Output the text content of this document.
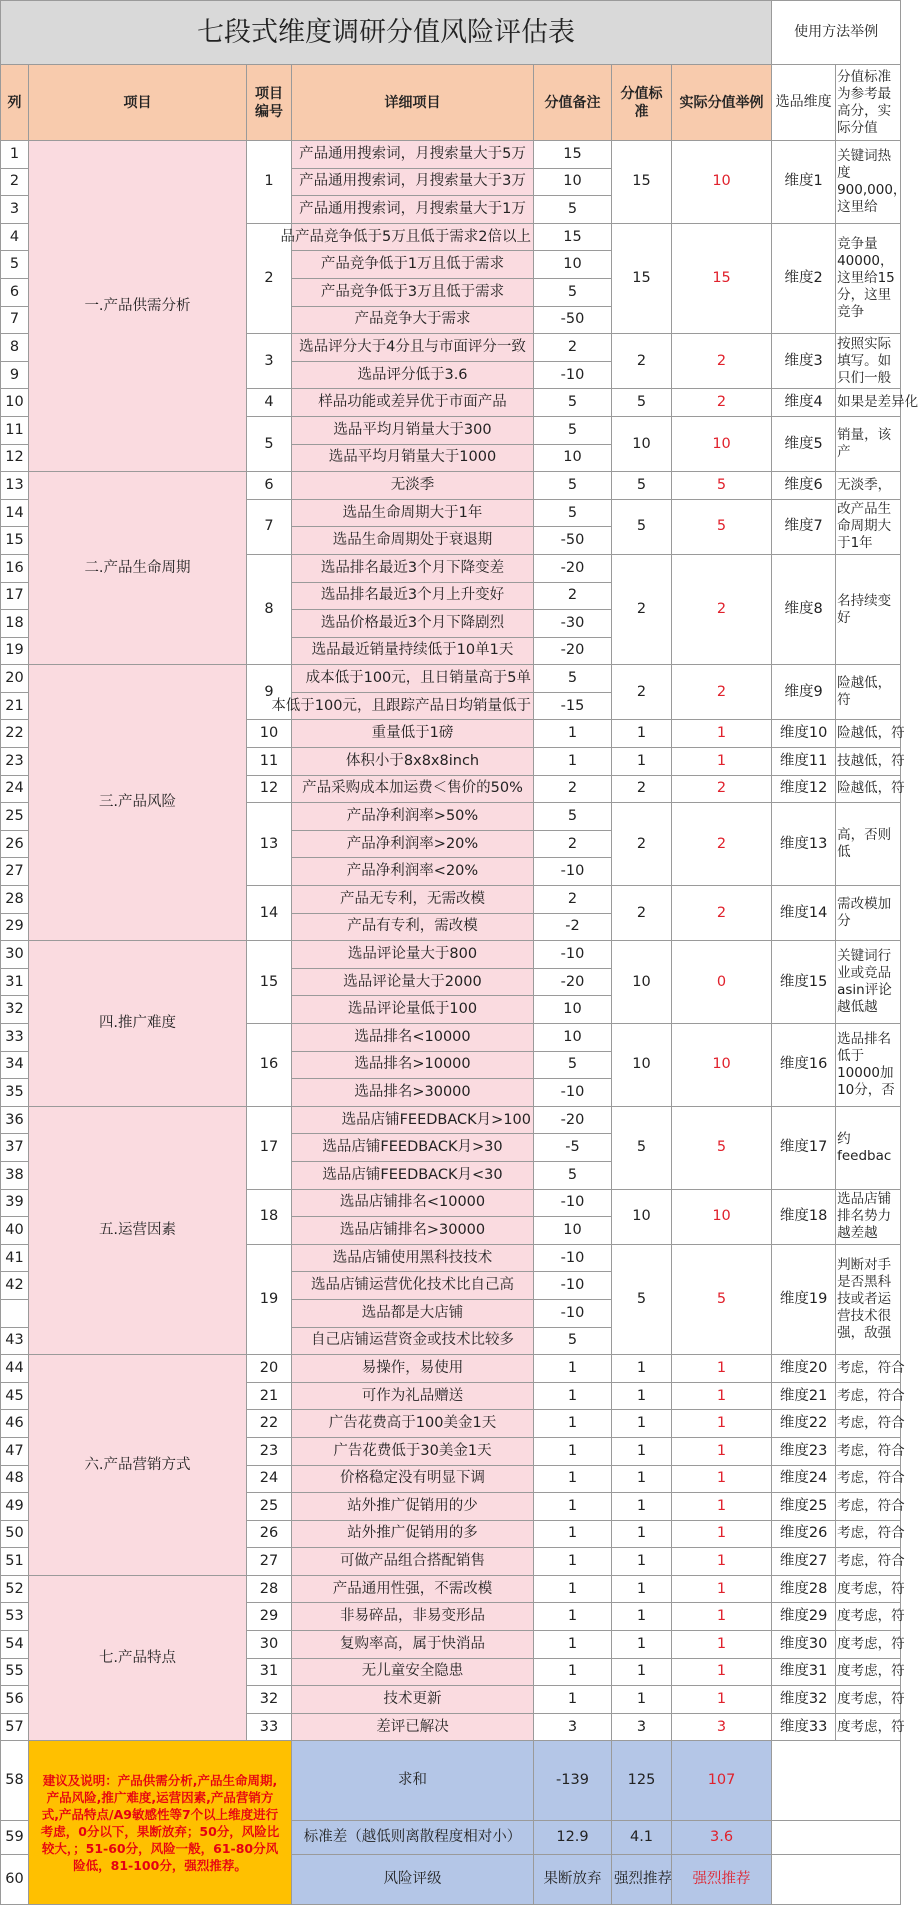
七段式维度调研分值风险评估表							使用方法举例	
列	项目	项目编号	详细项目	分值备注	分值标准	实际分值举例	选品维度	分值标准为参考最高分，实际分值
1	一.产品供需分析	1	产品通用搜索词，月搜索量大于5万	15	15	10	维度1	关键词热度900,000，这里给
2			产品通用搜索词，月搜索量大于3万	10				
3			产品通用搜索词，月搜索量大于1万	5				
4		2	品产品竞争低于5万且低于需求2倍以上	15	15	15	维度2	竞争量40000，这里给15分，这里竞争
5			产品竞争低于1万且低于需求	10				
6			产品竞争低于3万且低于需求	5				
7			产品竞争大于需求	-50				
8		3	选品评分大于4分且与市面评分一致	2	2	2	维度3	按照实际填写。如只们一般
9			选品评分低于3.6	-10				
10		4	样品功能或差异优于市面产品	5	5	2	维度4	如果是差异化
11		5	选品平均月销量大于300	5	10	10	维度5	销量，该产
12			选品平均月销量大于1000	10				
13	二.产品生命周期	6	无淡季	5	5	5	维度6	无淡季，
14		7	选品生命周期大于1年	5	5	5	维度7	改产品生命周期大于1年
15			选品生命周期处于衰退期	-50				
16		8	选品排名最近3个月下降变差	-20	2	2	维度8	名持续变好
17			选品排名最近3个月上升变好	2				
18			选品价格最近3个月下降剧烈	-30				
19			选品最近销量持续低于10单1天	-20				
20	三.产品风险	9	成本低于100元，且日销量高于5单	5	2	2	维度9	险越低，符
21			本低于100元，且跟踪产品日均销量低于	-15				
22		10	重量低于1磅	1	1	1	维度10	险越低，符
23		11	体积小于8x8x8inch	1	1	1	维度11	技越低，符
24		12	产品采购成本加运费＜售价的50%	2	2	2	维度12	险越低，符
25		13	产品净利润率>50%	5	2	2	维度13	高，否则低
26			产品净利润率>20%	2				
27			产品净利润率<20%	-10				
28		14	产品无专利，无需改模	2	2	2	维度14	需改模加分
29			产品有专利，需改模	-2				
30	四.推广难度	15	选品评论量大于800	-10	10	0	维度15	关键词行业或竞品asin评论越低越
31			选品评论量大于2000	-20				
32			选品评论量低于100	10				
33		16	选品排名<10000	10	10	10	维度16	选品排名低于10000加10分，否
34			选品排名>10000	5				
35			选品排名>30000	-10				
36	五.运营因素	17	选品店铺FEEDBACK月>100	-20	5	5	维度17	约feedbac
37			选品店铺FEEDBACK月>30	-5				
38			选品店铺FEEDBACK月<30	5				
39		18	选品店铺排名<10000	-10	10	10	维度18	选品店铺排名势力越差越
40			选品店铺排名>30000	10				
41		19	选品店铺使用黑科技技术	-10	5	5	维度19	判断对手是否黑科技或者运营技术很强，敌强
42			选品店铺运营优化技术比自己高	-10				
			选品都是大店铺	-10				
43			自己店铺运营资金或技术比较多	5				
44	六.产品营销方式	20	易操作，易使用	1	1	1	维度20	考虑，符合
45		21	可作为礼品赠送	1	1	1	维度21	考虑，符合
46		22	广告花费高于100美金1天	1	1	1	维度22	考虑，符合
47		23	广告花费低于30美金1天	1	1	1	维度23	考虑，符合
48		24	价格稳定没有明显下调	1	1	1	维度24	考虑，符合
49		25	站外推广促销用的少	1	1	1	维度25	考虑，符合
50		26	站外推广促销用的多	1	1	1	维度26	考虑，符合
51		27	可做产品组合搭配销售	1	1	1	维度27	考虑，符合
52	七.产品特点	28	产品通用性强，不需改模	1	1	1	维度28	度考虑，符
53		29	非易碎品，非易变形品	1	1	1	维度29	度考虑，符
54		30	复购率高，属于快消品	1	1	1	维度30	度考虑，符
55		31	无儿童安全隐患	1	1	1	维度31	度考虑，符
56		32	技术更新	1	1	1	维度32	度考虑，符
57		33	差评已解决	3	3	3	维度33	度考虑，符
58	建议及说明：产品供需分析,产品生命周期,产品风险,推广难度,运营因素,产品营销方式,产品特点/A9敏感性等7个以上维度进行考虑，0分以下，果断放弃；50分，风险比较大，；51-60分，风险一般，61-80分风险低，81-100分，强烈推荐。		求和	-139	125	107		
59			标准差（越低则离散程度相对小）	12.9	4.1	3.6		
60			风险评级	果断放弃	强烈推荐	强烈推荐		
